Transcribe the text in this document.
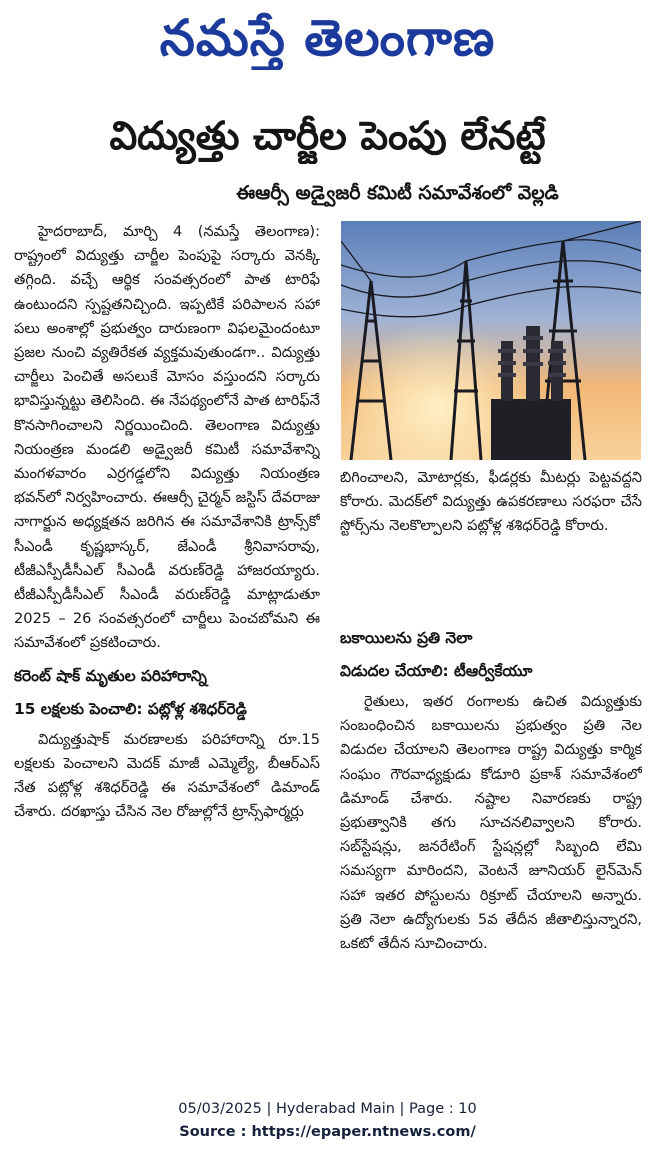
నమస్తే తెలంగాణ
విద్యుత్తు చార్జీల పెంపు లేనట్టే
ఈఆర్సీ అడ్వైజరీ కమిటీ సమావేశంలో వెల్లడి

హైదరాబాద్, మార్చి 4 (నమస్తే తెలంగాణ): రాష్ట్రంలో విద్యుత్తు చార్జీల పెంపుపై సర్కారు వెనక్కి తగ్గింది. వచ్చే ఆర్థిక సంవత్సరంలో పాత టారిఫే ఉంటుందని స్పష్టతనిచ్చింది. ఇప్పటికే పరిపాలన సహా పలు అంశాల్లో ప్రభుత్వం దారుణంగా విఫలమైందంటూ ప్రజల నుంచి వ్యతిరేకత వ్యక్తమవుతుండగా.. విద్యుత్తు చార్జీలు పెంచితే అసలుకే మోసం వస్తుందని సర్కారు భావిస్తున్నట్టు తెలిసింది. ఈ నేపథ్యంలోనే పాత టారిఫ్‌నే కొనసాగించాలని నిర్ణయించింది. తెలంగాణ విద్యుత్తు నియంత్రణ మండలి అడ్వైజరీ కమిటీ సమావేశాన్ని మంగళవారం ఎర్రగడ్డలోని విద్యుత్తు నియంత్రణ భవన్‌లో నిర్వహించారు. ఈఆర్సీ చైర్మన్ జస్టిస్ దేవరాజు నాగార్జున అధ్యక్షతన జరిగిన ఈ సమావేశానికి ట్రాన్స్‌కో సీఎండీ కృష్ణభాస్కర్, జేఎండీ శ్రీనివాసరావు, టీజీఎస్పీడీసీఎల్ సీఎండీ వరుణ్‌రెడ్డి హాజరయ్యారు. టీజీఎస్పీడీసీఎల్ సీఎండీ వరుణ్‌రెడ్డి మాట్లాడుతూ 2025 – 26 సంవత్సరంలో చార్జీలు పెంచబోమని ఈ సమావేశంలో ప్రకటించారు.

కరెంట్ షాక్ మృతుల పరిహారాన్ని
15 లక్షలకు పెంచాలి: పట్లోళ్ల శశిధర్‌రెడ్డి

విద్యుత్తుషాక్ మరణాలకు పరిహారాన్ని రూ.15 లక్షలకు పెంచాలని మెదక్ మాజీ ఎమ్మెల్యే, బీఆర్ఎస్ నేత పట్లోళ్ల శశిధర్‌రెడ్డి ఈ సమావేశంలో డిమాండ్ చేశారు. దరఖాస్తు చేసిన నెల రోజుల్లోనే ట్రాన్స్‌ఫార్మర్లు

బిగించాలని, మోటార్లకు, ఫీడర్లకు మీటర్లు పెట్టవద్దని కోరారు. మెదక్‌లో విద్యుత్తు ఉపకరణాలు సరఫరా చేసే స్టోర్స్‌ను నెలకొల్పాలని పట్లోళ్ల శశిధర్‌రెడ్డి కోరారు.

బకాయిలను ప్రతి నెలా
విడుదల చేయాలి: టీఆర్వీకేయూ

రైతులు, ఇతర రంగాలకు ఉచిత విద్యుత్తుకు సంబంధించిన బకాయిలను ప్రభుత్వం ప్రతి నెల విడుదల చేయాలని తెలంగాణ రాష్ట్ర విద్యుత్తు కార్మిక సంఘం గౌరవాధ్యక్షుడు కోడూరి ప్రకాశ్ సమావేశంలో డిమాండ్ చేశారు. నష్టాల నివారణకు రాష్ట్ర ప్రభుత్వానికి తగు సూచనలివ్వాలని కోరారు. సబ్‌స్టేషన్లు, జనరేటింగ్ స్టేషన్లల్లో సిబ్బంది లేమి సమస్యగా మారిందని, వెంటనే జూనియర్ లైన్‌మెన్ సహా ఇతర పోస్టులను రిక్రూట్ చేయాలని అన్నారు. ప్రతి నెలా ఉద్యోగులకు 5వ తేదీన జీతాలిస్తున్నారని, ఒకటో తేదీన సూచించారు.

05/03/2025 | Hyderabad Main | Page : 10
Source : https://epaper.ntnews.com/
